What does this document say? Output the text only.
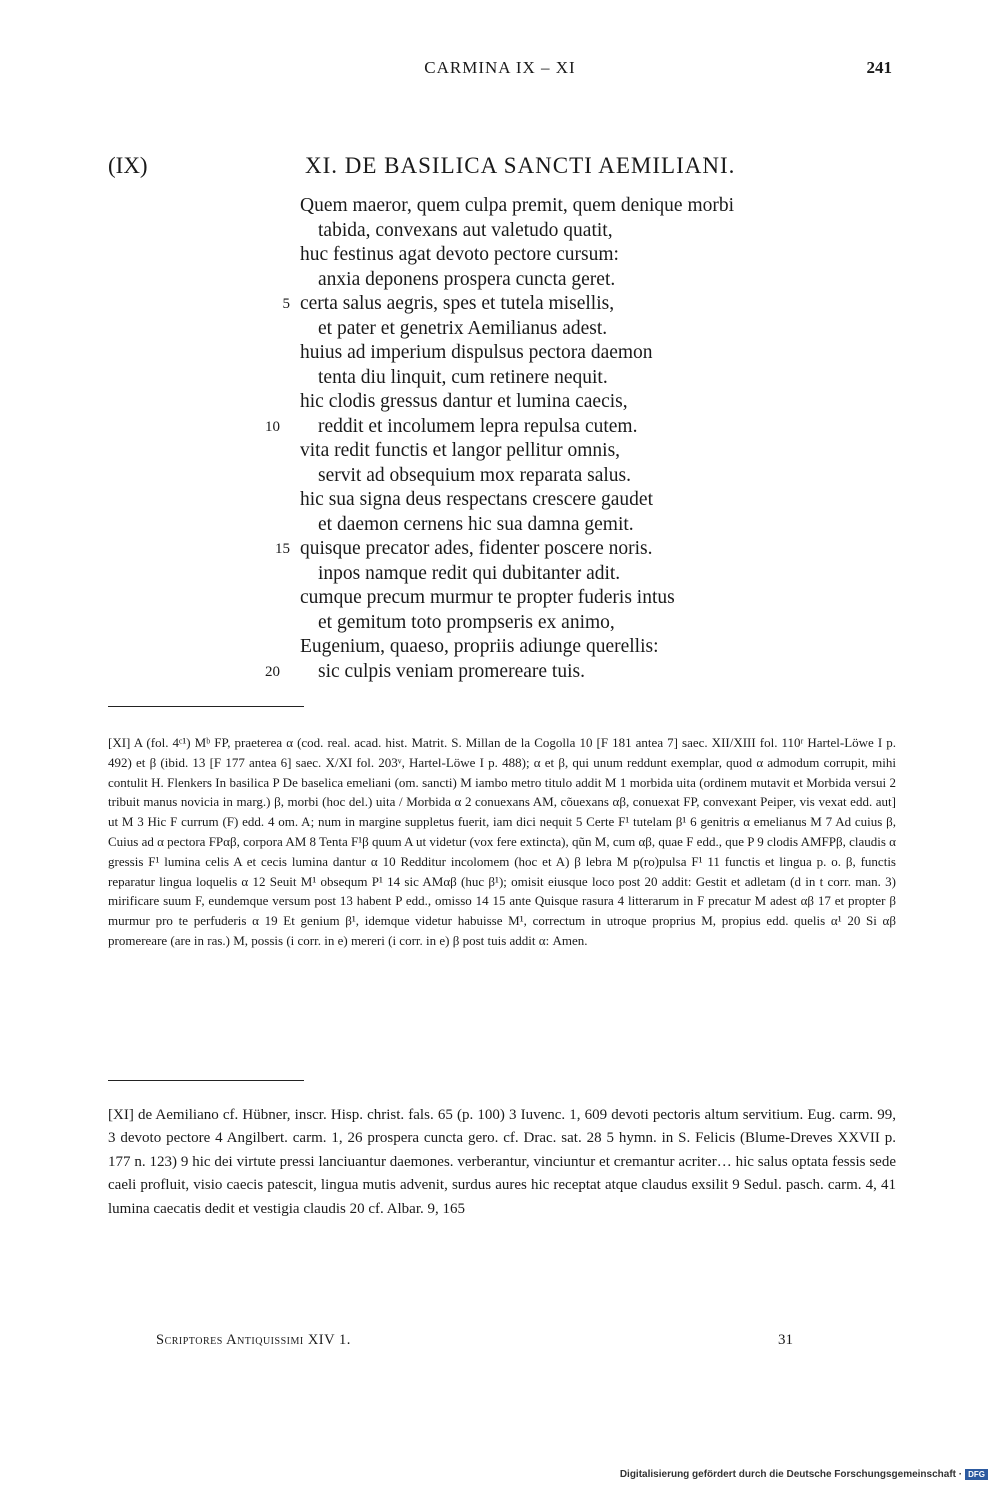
CARMINA IX – XI	241
(IX)	XI. DE BASILICA SANCTI AEMILIANI.
Quem maeror, quem culpa premit, quem denique morbi
tabida, convexans aut valetudo quatit,
huc festinus agat devoto pectore cursum:
anxia deponens prospera cuncta geret.
5 certa salus aegris, spes et tutela misellis,
et pater et genetrix Aemilianus adest.
huius ad imperium dispulsus pectora daemon
tenta diu linquit, cum retinere nequit.
hic clodis gressus dantur et lumina caecis,
10 reddit et incolumem lepra repulsa cutem.
vita redit functis et langor pellitur omnis,
servit ad obsequium mox reparata salus.
hic sua signa deus respectans crescere gaudet
et daemon cernens hic sua damna gemit.
15 quisque precator ades, fidenter poscere noris.
inpos namque redit qui dubitanter adit.
cumque precum murmur te propter fuderis intus
et gemitum toto prompseris ex animo,
Eugenium, quaeso, propriis adiunge querellis:
20 sic culpis veniam promereare tuis.
[XI] A (fol. 4ᶜ¹) Mᵇ FP, praeterea α (cod. real. acad. hist. Matrit. S. Millan de la Cogolla 10 [F 181 antea 7] saec. XII/XIII fol. 110ʳ Hartel-Löwe I p. 492) et β (ibid. 13 [F 177 antea 6] saec. X/XI fol. 203ᵛ, Hartel-Löwe I p. 488); α et β, qui unum reddunt exemplar, quod α admodum corrupit, mihi contulit H. Flenkers In basilica P De baselica emeliani (om. sancti) M iambo metro titulo addit M 1 morbida uita (ordinem mutavit et Morbida versui 2 tribuit manus novicia in marg.) β, morbi (hoc del.) uita / Morbida α 2 conuexans AM, cõuexans αβ, conuexat FP, convexant Peiper, vis vexat edd. aut] ut M 3 Hic F currum (F) edd. 4 om. A; num in margine suppletus fuerit, iam dici nequit 5 Certe F¹ tutelam β¹ 6 genitris α emelianus M 7 Ad cuius β, Cuius ad α pectora FPαβ, corpora AM 8 Tenta F¹β quum A ut videtur (vox fere extincta), qũn M, cum αβ, quae F edd., que P 9 clodis AMFPβ, claudis α gressis F¹ lumina celis A et cecis lumina dantur α 10 Redditur incolomem (hoc et A) β lebra M p(ro)pulsa F¹ 11 functis et lingua p. o. β, functis reparatur lingua loquelis α 12 Seuit M¹ obsequm P¹ 14 sic AMαβ (huc β¹); omisit eiusque loco post 20 addit: Gestit et adletam (d in t corr. man. 3) mirificare suum F, eundemque versum post 13 habent P edd., omisso 14 15 ante Quisque rasura 4 litterarum in F precatur M adest αβ 17 et propter β murmur pro te perfuderis α 19 Et genium β¹, idemque videtur habuisse M¹, correctum in utroque proprius M, propius edd. quelis α¹ 20 Si αβ promereare (are in ras.) M, possis (i corr. in e) mereri (i corr. in e) β post tuis addit α: Amen.
[XI] de Aemiliano cf. Hübner, inscr. Hisp. christ. fals. 65 (p. 100) 3 Iuvenc. 1, 609 devoti pectoris altum servitium. Eug. carm. 99, 3 devoto pectore 4 Angilbert. carm. 1, 26 prospera cuncta gero. cf. Drac. sat. 28 5 hymn. in S. Felicis (Blume-Dreves XXVII p. 177 n. 123) 9 hic dei virtute pressi lanciuantur daemones. verberantur, vinciuntur et cremantur acriter… hic salus optata fessis sede caeli profluit, visio caecis patescit, lingua mutis advenit, surdus aures hic receptat atque claudus exsilit 9 Sedul. pasch. carm. 4, 41 lumina caecatis dedit et vestigia claudis 20 cf. Albar. 9, 165
Scriptores Antiquissimi XIV 1.	31
Digitalisierung gefördert durch die Deutsche Forschungsgemeinschaft · DFG
